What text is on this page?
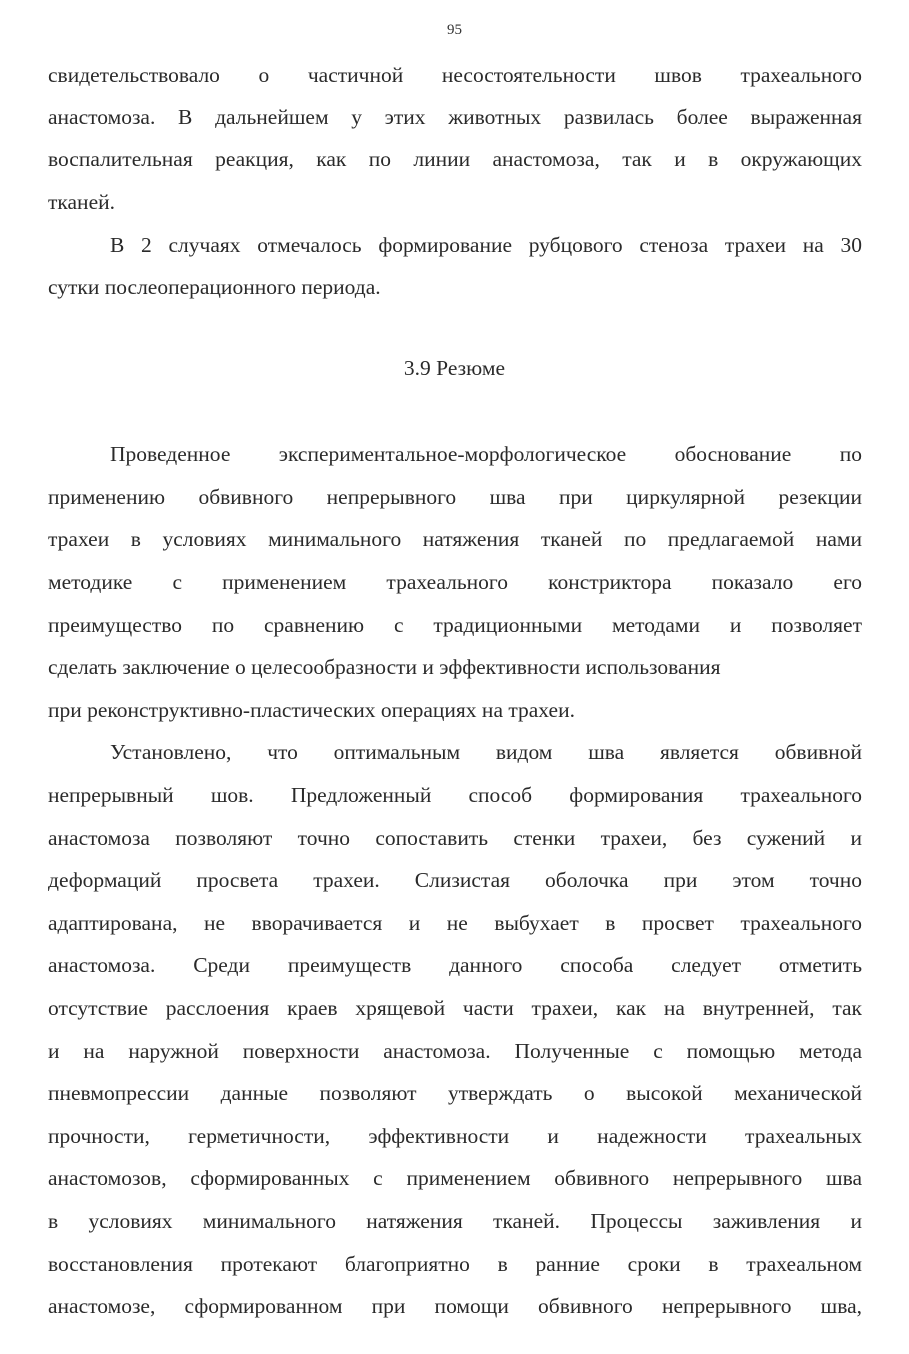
95
свидетельствовало о частичной несостоятельности швов трахеального
анастомоза. В дальнейшем у этих животных развилась более выраженная
воспалительная реакция, как по линии анастомоза, так и в окружающих
тканей.
В 2 случаях отмечалось формирование рубцового стеноза трахеи на 30
сутки послеоперационного периода.
3.9 Резюме
Проведенное экспериментальное-морфологическое обоснование по
применению обвивного непрерывного шва при циркулярной резекции
трахеи в условиях минимального натяжения тканей по предлагаемой нами
методике с применением трахеального констриктора показало его
преимущество по сравнению с традиционными методами и позволяет
сделать заключение о целесообразности и эффективности использования
при реконструктивно-пластических операциях на трахеи.
Установлено, что оптимальным видом шва является обвивной
непрерывный шов. Предложенный способ формирования трахеального
анастомоза позволяют точно сопоставить стенки трахеи, без сужений и
деформаций просвета трахеи. Слизистая оболочка при этом точно
адаптирована, не вворачивается и не выбухает в просвет трахеального
анастомоза. Среди преимуществ данного способа следует отметить
отсутствие расслоения краев хрящевой части трахеи, как на внутренней, так
и на наружной поверхности анастомоза. Полученные с помощью метода
пневмопрессии данные позволяют утверждать о высокой механической
прочности, герметичности, эффективности и надежности трахеальных
анастомозов, сформированных с применением обвивного непрерывного шва
в условиях минимального натяжения тканей. Процессы заживления и
восстановления протекают благоприятно в ранние сроки в трахеальном
анастомозе, сформированном при помощи обвивного непрерывного шва,
